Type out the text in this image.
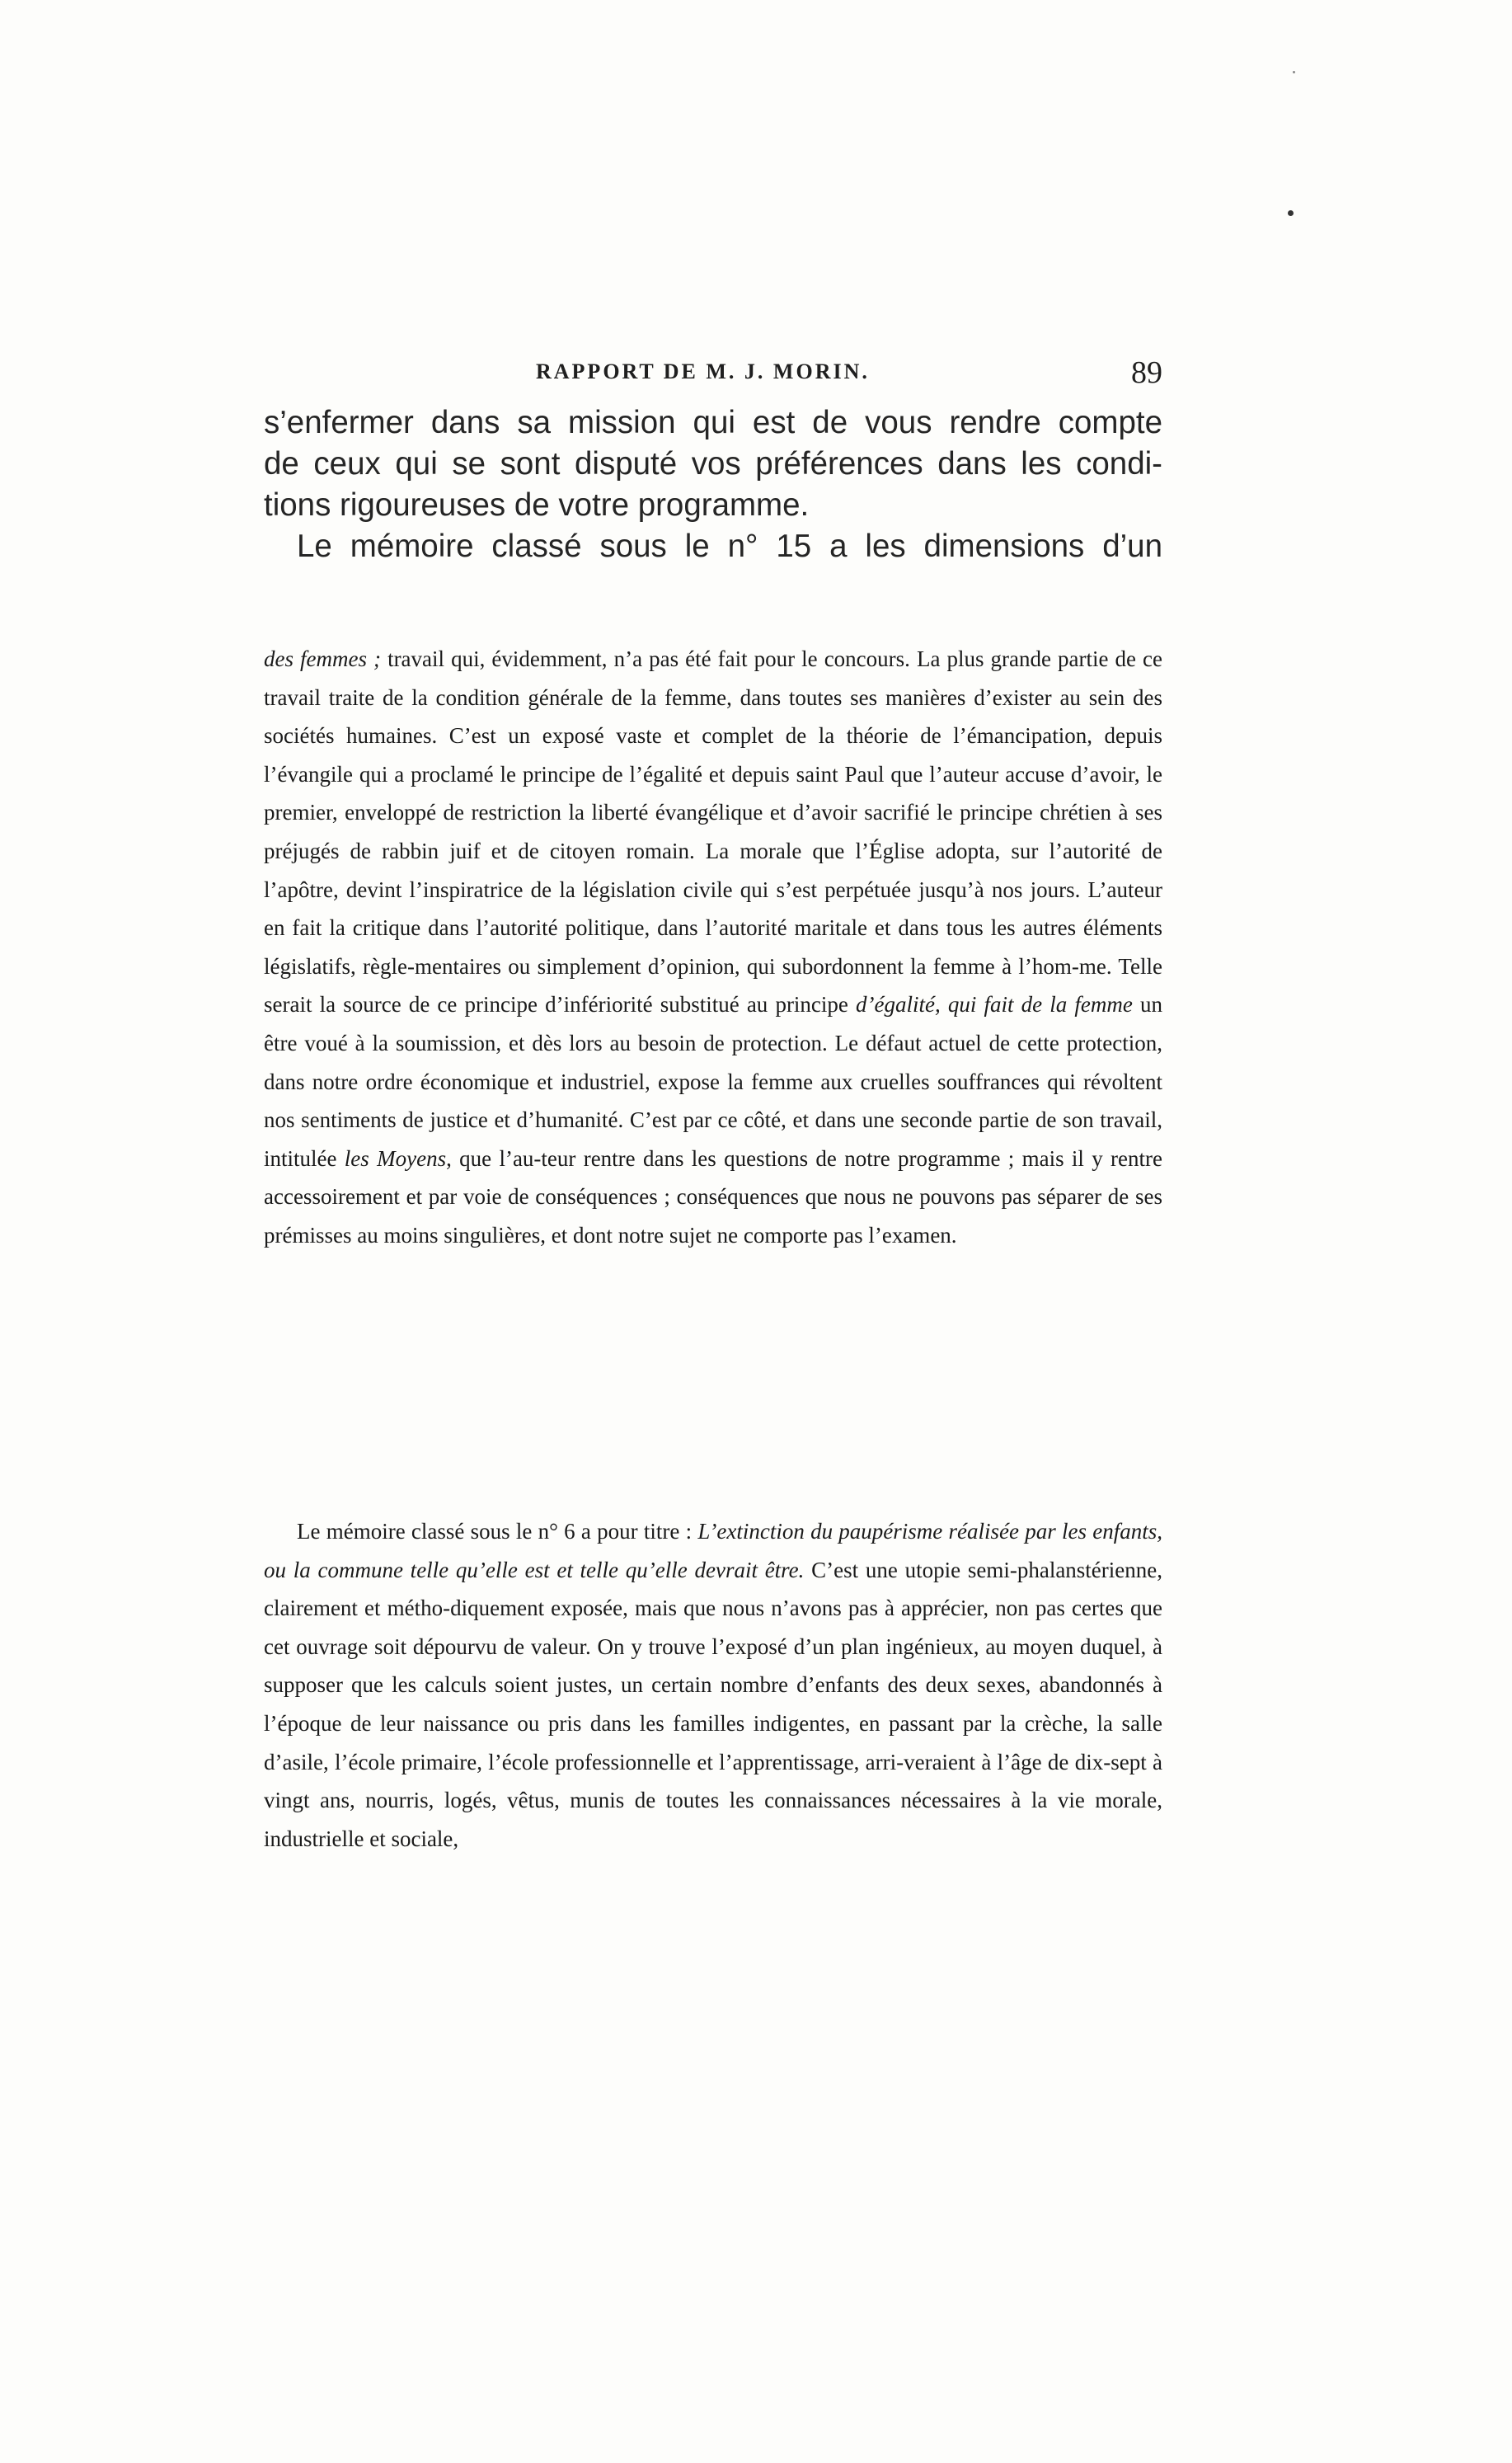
RAPPORT DE M. J. MORIN.	89
s’enfermer dans sa mission qui est de vous rendre compte
de ceux qui se sont disputé vos préférences dans les condi-
tions rigoureuses de votre programme.
Le mémoire classé sous le n° 15 a les dimensions d’un

des femmes ; travail qui, évidemment, n’a pas été fait pour le concours. La plus grande partie de ce travail traite de la condition générale de la femme, dans toutes ses manières d’exister au sein des sociétés humaines. C’est un exposé vaste et complet de la théorie de l’émancipation, depuis l’évangile qui a proclamé le principe de l’égalité et depuis saint Paul que l’auteur accuse d’avoir, le premier, enveloppé de restriction la liberté évangélique et d’avoir sacrifié le principe chrétien à ses préjugés de rabbin juif et de citoyen romain. La morale que l’Église adopta, sur l’autorité de l’apôtre, devint l’inspiratrice de la législation civile qui s’est perpétuée jusqu’à nos jours. L’auteur en fait la critique dans l’autorité politique, dans l’autorité maritale et dans tous les autres éléments législatifs, règle-mentaires ou simplement d’opinion, qui subordonnent la femme à l’hom-me. Telle serait la source de ce principe d’infériorité substitué au principe d’égalité, qui fait de la femme un être voué à la soumission, et dès lors au besoin de protection. Le défaut actuel de cette protection, dans notre ordre économique et industriel, expose la femme aux cruelles souffrances qui révoltent nos sentiments de justice et d’humanité. C’est par ce côté, et dans une seconde partie de son travail, intitulée les Moyens, que l’au-teur rentre dans les questions de notre programme ; mais il y rentre accessoirement et par voie de conséquences ; conséquences que nous ne pouvons pas séparer de ses prémisses au moins singulières, et dont notre sujet ne comporte pas l’examen.

Le mémoire classé sous le n° 6 a pour titre : L’extinction du paupérisme réalisée par les enfants, ou la commune telle qu’elle est et telle qu’elle devrait être. C’est une utopie semi-phalanstérienne, clairement et métho-diquement exposée, mais que nous n’avons pas à apprécier, non pas certes que cet ouvrage soit dépourvu de valeur. On y trouve l’exposé d’un plan ingénieux, au moyen duquel, à supposer que les calculs soient justes, un certain nombre d’enfants des deux sexes, abandonnés à l’époque de leur naissance ou pris dans les familles indigentes, en passant par la crèche, la salle d’asile, l’école primaire, l’école professionnelle et l’apprentissage, arri-veraient à l’âge de dix-sept à vingt ans, nourris, logés, vêtus, munis de toutes les connaissances nécessaires à la vie morale, industrielle et sociale,
